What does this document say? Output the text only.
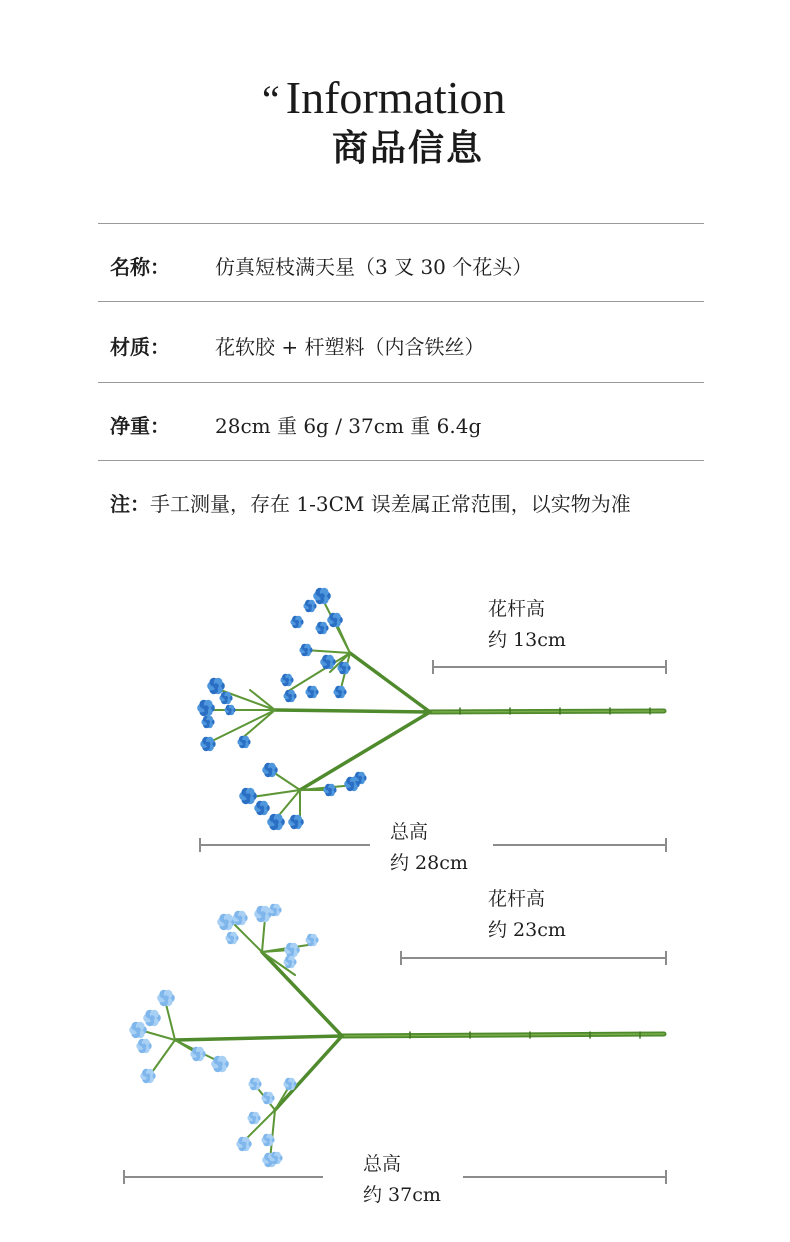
“ Information
商品信息
名称： 仿真短枝满天星（3 叉 30 个花头）
材质： 花软胶 + 杆塑料（内含铁丝）
净重： 28cm 重 6g / 37cm 重 6.4g
注：手工测量，存在 1-3CM 误差属正常范围，以实物为准
花杆高
约 13cm
总高
约 28cm
花杆高
约 23cm
总高
约 37cm
